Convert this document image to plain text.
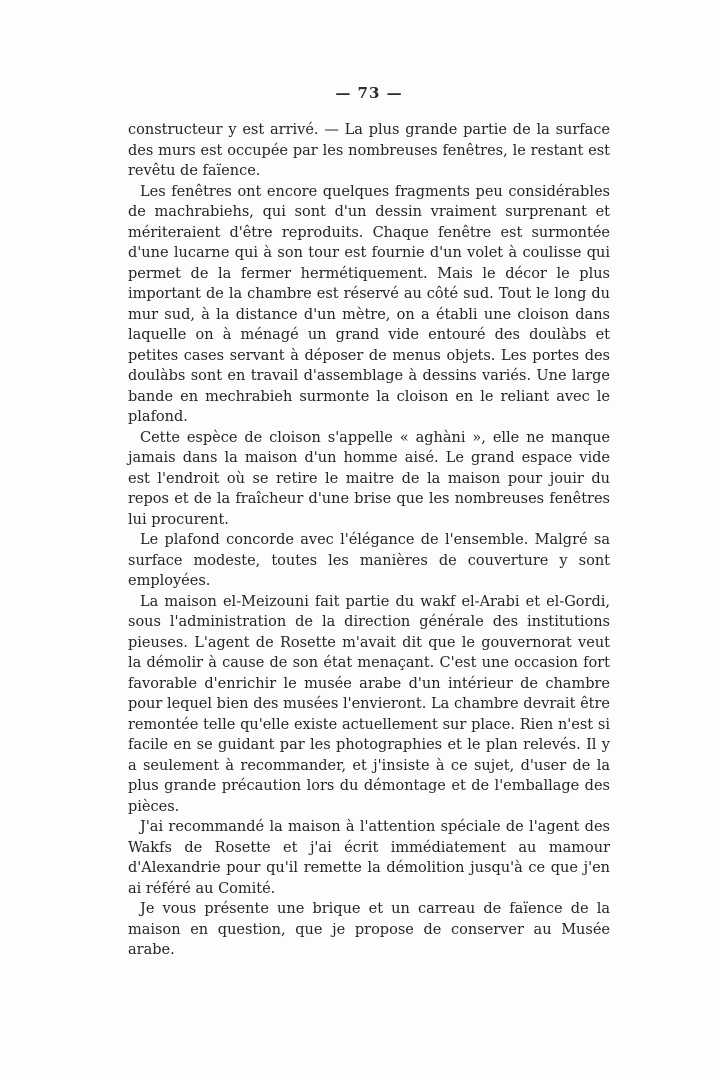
— 73 —

constructeur y est arrivé. — La plus grande partie de la surface des murs est occupée par les nombreuses fenêtres, le restant est revêtu de faïence.

Les fenêtres ont encore quelques fragments peu considérables de machrabiehs, qui sont d'un dessin vraiment surprenant et mériteraient d'être reproduits. Chaque fenêtre est surmontée d'une lucarne qui à son tour est fournie d'un volet à coulisse qui permet de la fermer hermétiquement. Mais le décor le plus important de la chambre est réservé au côté sud. Tout le long du mur sud, à la distance d'un mètre, on a établi une cloison dans laquelle on à ménagé un grand vide entouré des doulàbs et petites cases servant à déposer de menus objets. Les portes des doulàbs sont en travail d'assemblage à dessins variés. Une large bande en mechrabieh surmonte la cloison en le reliant avec le plafond.

Cette espèce de cloison s'appelle « aghàni », elle ne manque jamais dans la maison d'un homme aisé. Le grand espace vide est l'endroit où se retire le maitre de la maison pour jouir du repos et de la fraîcheur d'une brise que les nombreuses fenêtres lui procurent.

Le plafond concorde avec l'élégance de l'ensemble. Malgré sa surface modeste, toutes les manières de couverture y sont employées.

La maison el-Meizouni fait partie du wakf el-Arabi et el-Gordi, sous l'administration de la direction générale des institutions pieuses. L'agent de Rosette m'avait dit que le gouvernorat veut la démolir à cause de son état menaçant. C'est une occasion fort favorable d'enrichir le musée arabe d'un intérieur de chambre pour lequel bien des musées l'envieront. La chambre devrait être remontée telle qu'elle existe actuellement sur place. Rien n'est si facile en se guidant par les photographies et le plan relevés. Il y a seulement à recommander, et j'insiste à ce sujet, d'user de la plus grande précaution lors du démontage et de l'emballage des pièces.

J'ai recommandé la maison à l'attention spéciale de l'agent des Wakfs de Rosette et j'ai écrit immédiatement au mamour d'Alexandrie pour qu'il remette la démolition jusqu'à ce que j'en ai référé au Comité.

Je vous présente une brique et un carreau de faïence de la maison en question, que je propose de conserver au Musée arabe.
